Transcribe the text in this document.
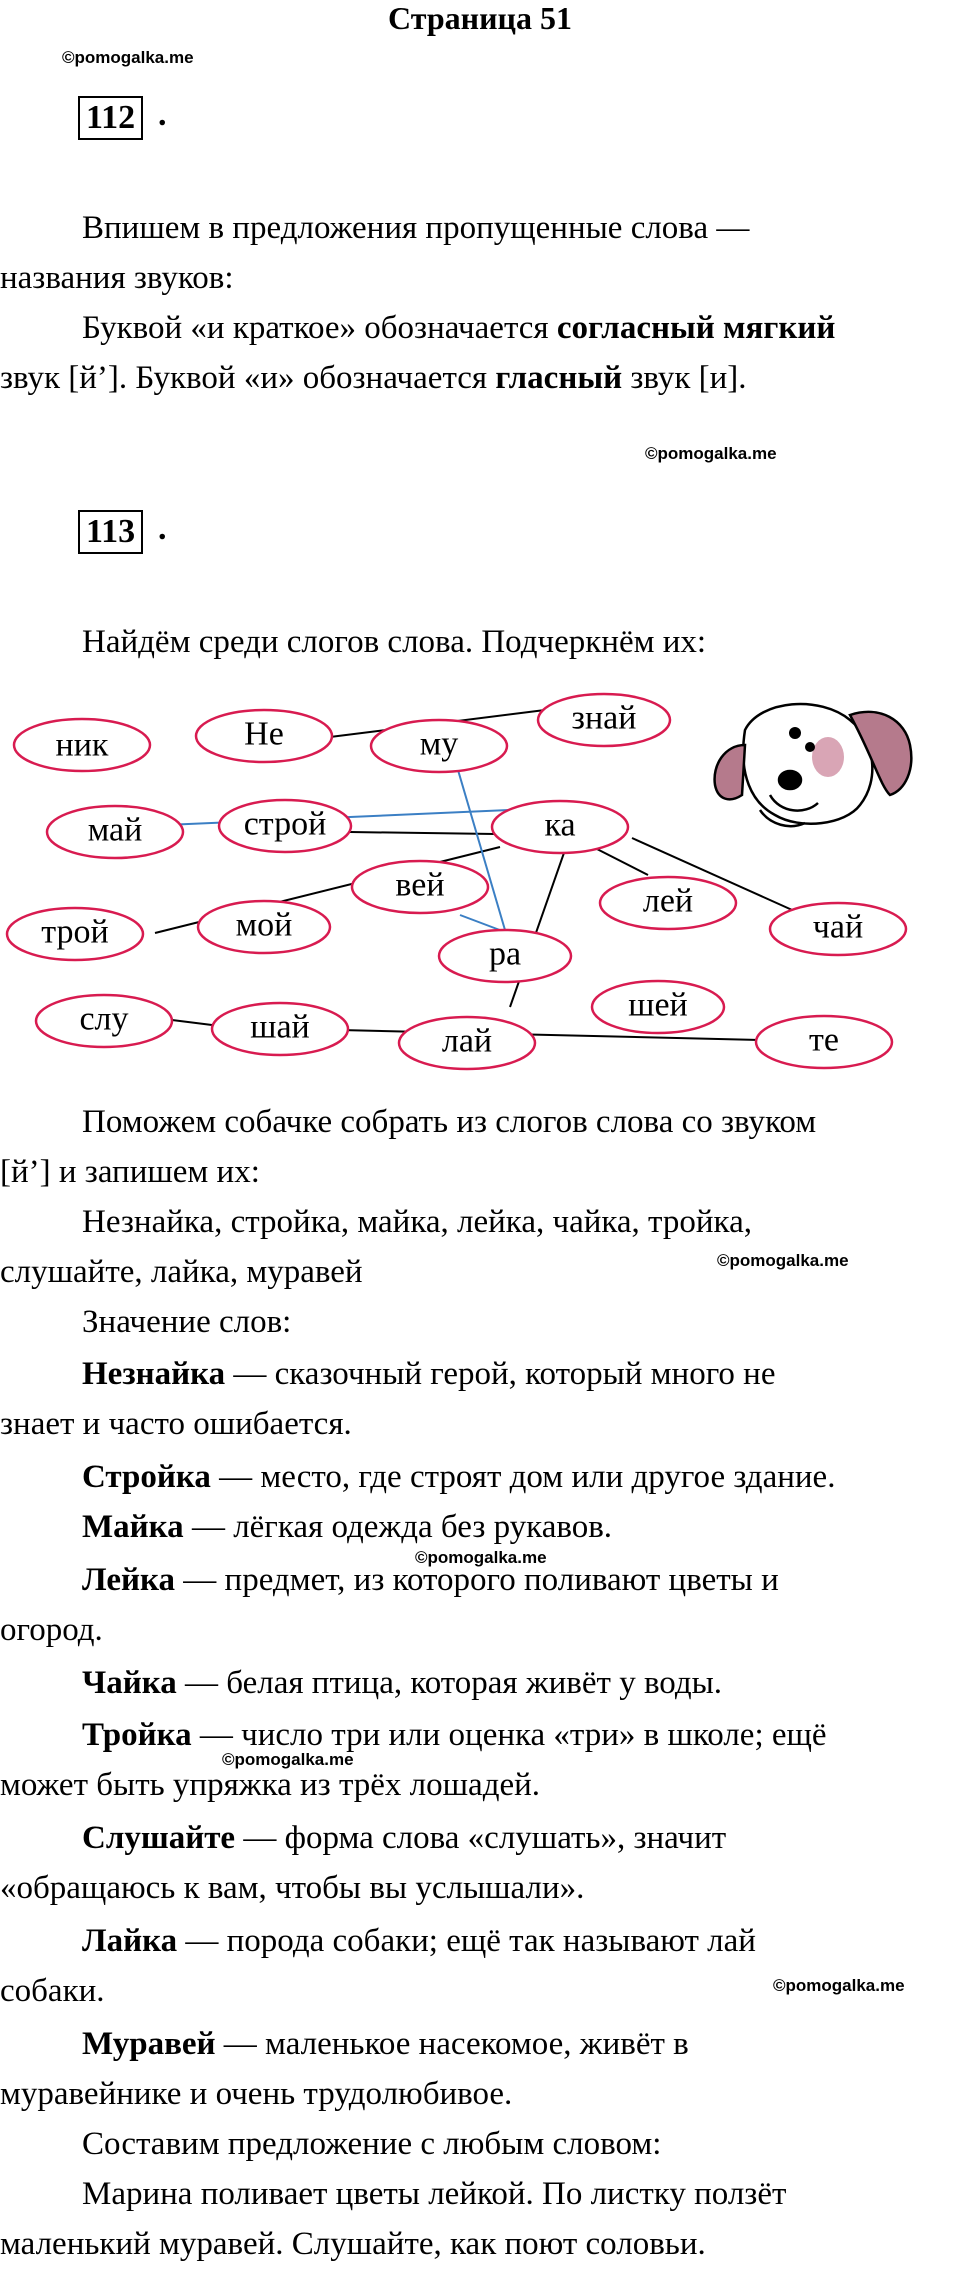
Страница 51
©pomogalka.me
112 .
Впишем в предложения пропущенные слова —
названия звуков:
Буквой «и краткое» обозначается согласный мягкий
звук [й’]. Буквой «и» обозначается гласный звук [и].
©pomogalka.me
113 .
Найдём среди слогов слова. Подчеркнём их:
ник	Не	му
знай
май	строй	ка
вей	лей
чай
трой	мой
ра
шей
слу	шай	лай	те
Поможем собачке собрать из слогов слова со звуком
[й’] и запишем их:
Незнайка, стройка, майка, лейка, чайка, тройка,
слушайте, лайка, муравей	©pomogalka.me
Значение слов:
Незнайка — сказочный герой, который много не
знает и часто ошибается.
Стройка — место, где строят дом или другое здание.
Майка — лёгкая одежда без рукавов.
©pomogalka.me
Лейка — предмет, из которого поливают цветы и
огород.
Чайка — белая птица, которая живёт у воды.
Тройка — число три или оценка «три» в школе; ещё
©pomogalka.me
может быть упряжка из трёх лошадей.
Слушайте — форма слова «слушать», значит
«обращаюсь к вам, чтобы вы услышали».
Лайка — порода собаки; ещё так называют лай
собаки.	©pomogalka.me
Муравей — маленькое насекомое, живёт в
муравейнике и очень трудолюбивое.
Составим предложение с любым словом:
Марина поливает цветы лейкой. По листку ползёт
маленький муравей. Слушайте, как поют соловьи.
